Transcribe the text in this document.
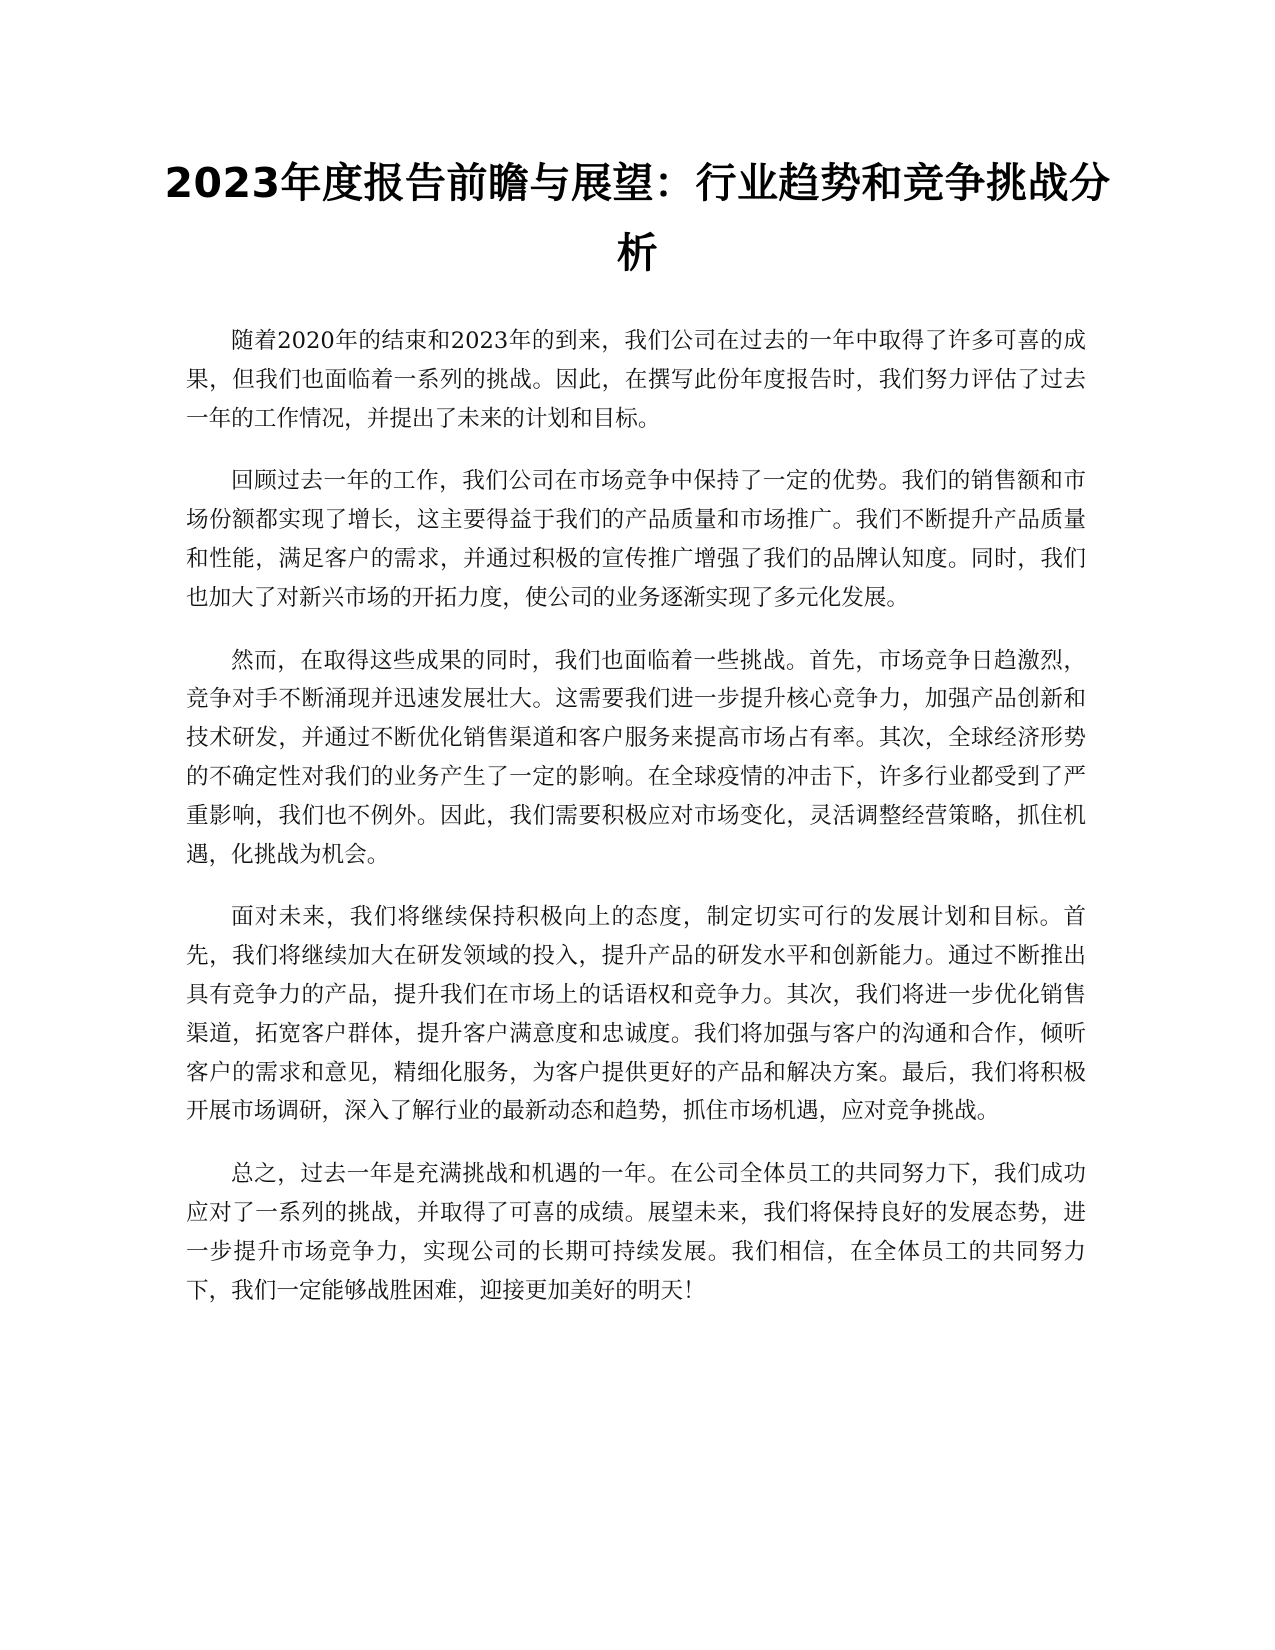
2023年度报告前瞻与展望：行业趋势和竞争挑战分析

随着2020年的结束和2023年的到来，我们公司在过去的一年中取得了许多可喜的成果，但我们也面临着一系列的挑战。因此，在撰写此份年度报告时，我们努力评估了过去一年的工作情况，并提出了未来的计划和目标。

回顾过去一年的工作，我们公司在市场竞争中保持了一定的优势。我们的销售额和市场份额都实现了增长，这主要得益于我们的产品质量和市场推广。我们不断提升产品质量和性能，满足客户的需求，并通过积极的宣传推广增强了我们的品牌认知度。同时，我们也加大了对新兴市场的开拓力度，使公司的业务逐渐实现了多元化发展。

然而，在取得这些成果的同时，我们也面临着一些挑战。首先，市场竞争日趋激烈，竞争对手不断涌现并迅速发展壮大。这需要我们进一步提升核心竞争力，加强产品创新和技术研发，并通过不断优化销售渠道和客户服务来提高市场占有率。其次，全球经济形势的不确定性对我们的业务产生了一定的影响。在全球疫情的冲击下，许多行业都受到了严重影响，我们也不例外。因此，我们需要积极应对市场变化，灵活调整经营策略，抓住机遇，化挑战为机会。

面对未来，我们将继续保持积极向上的态度，制定切实可行的发展计划和目标。首先，我们将继续加大在研发领域的投入，提升产品的研发水平和创新能力。通过不断推出具有竞争力的产品，提升我们在市场上的话语权和竞争力。其次，我们将进一步优化销售渠道，拓宽客户群体，提升客户满意度和忠诚度。我们将加强与客户的沟通和合作，倾听客户的需求和意见，精细化服务，为客户提供更好的产品和解决方案。最后，我们将积极开展市场调研，深入了解行业的最新动态和趋势，抓住市场机遇，应对竞争挑战。

总之，过去一年是充满挑战和机遇的一年。在公司全体员工的共同努力下，我们成功应对了一系列的挑战，并取得了可喜的成绩。展望未来，我们将保持良好的发展态势，进一步提升市场竞争力，实现公司的长期可持续发展。我们相信，在全体员工的共同努力下，我们一定能够战胜困难，迎接更加美好的明天！
